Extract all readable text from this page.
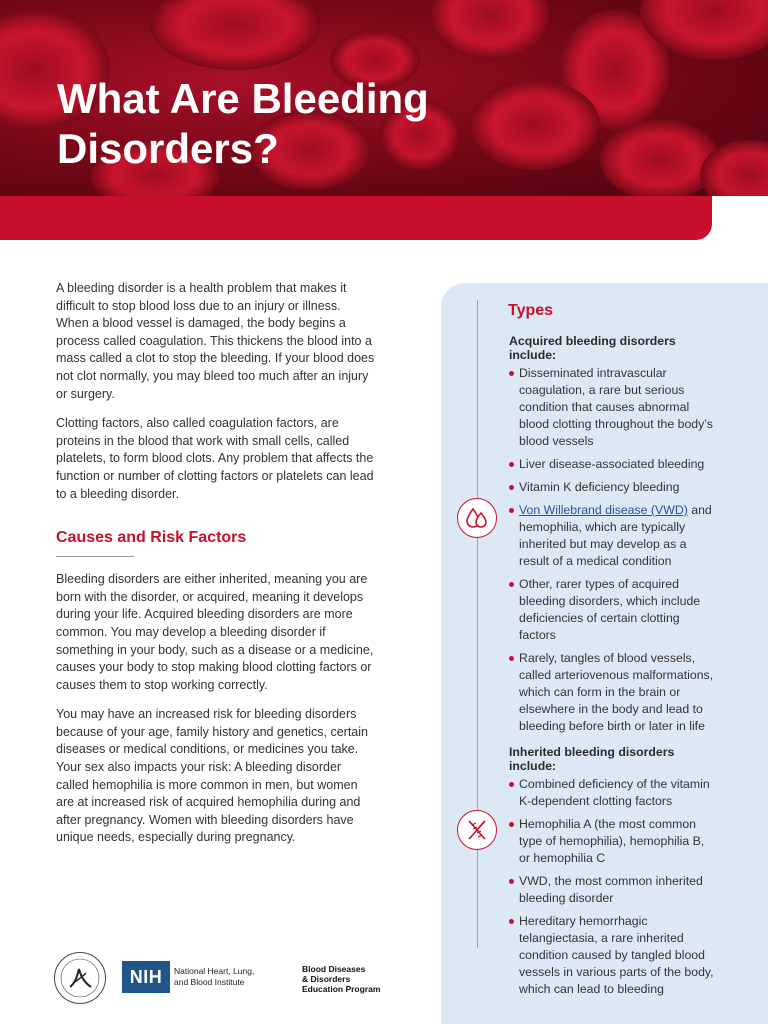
What Are Bleeding
Disorders?

A bleeding disorder is a health problem that makes it difficult to stop blood loss due to an injury or illness. When a blood vessel is damaged, the body begins a process called coagulation. This thickens the blood into a mass called a clot to stop the bleeding. If your blood does not clot normally, you may bleed too much after an injury or surgery.

Clotting factors, also called coagulation factors, are proteins in the blood that work with small cells, called platelets, to form blood clots. Any problem that affects the function or number of clotting factors or platelets can lead to a bleeding disorder.

Causes and Risk Factors

Bleeding disorders are either inherited, meaning you are born with the disorder, or acquired, meaning it develops during your life. Acquired bleeding disorders are more common. You may develop a bleeding disorder if something in your body, such as a disease or a medicine, causes your body to stop making blood clotting factors or causes them to stop working correctly.

You may have an increased risk for bleeding disorders because of your age, family history and genetics, certain diseases or medical conditions, or medicines you take. Your sex also impacts your risk: A bleeding disorder called hemophilia is more common in men, but women are at increased risk of acquired hemophilia during and after pregnancy. Women with bleeding disorders have unique needs, especially during pregnancy.

Types
Acquired bleeding disorders include:
Disseminated intravascular coagulation, a rare but serious condition that causes abnormal blood clotting throughout the body’s blood vessels
Liver disease-associated bleeding
Vitamin K deficiency bleeding
Von Willebrand disease (VWD) and hemophilia, which are typically inherited but may develop as a result of a medical condition
Other, rarer types of acquired bleeding disorders, which include deficiencies of certain clotting factors
Rarely, tangles of blood vessels, called arteriovenous malformations, which can form in the brain or elsewhere in the body and lead to bleeding before birth or later in life
Inherited bleeding disorders include:
Combined deficiency of the vitamin K-dependent clotting factors
Hemophilia A (the most common type of hemophilia), hemophilia B, or hemophilia C
VWD, the most common inherited bleeding disorder
Hereditary hemorrhagic telangiectasia, a rare inherited condition caused by tangled blood vessels in various parts of the body, which can lead to bleeding
NIH	National Heart, Lung,
and Blood Institute
Blood Diseases
& Disorders
Education Program
